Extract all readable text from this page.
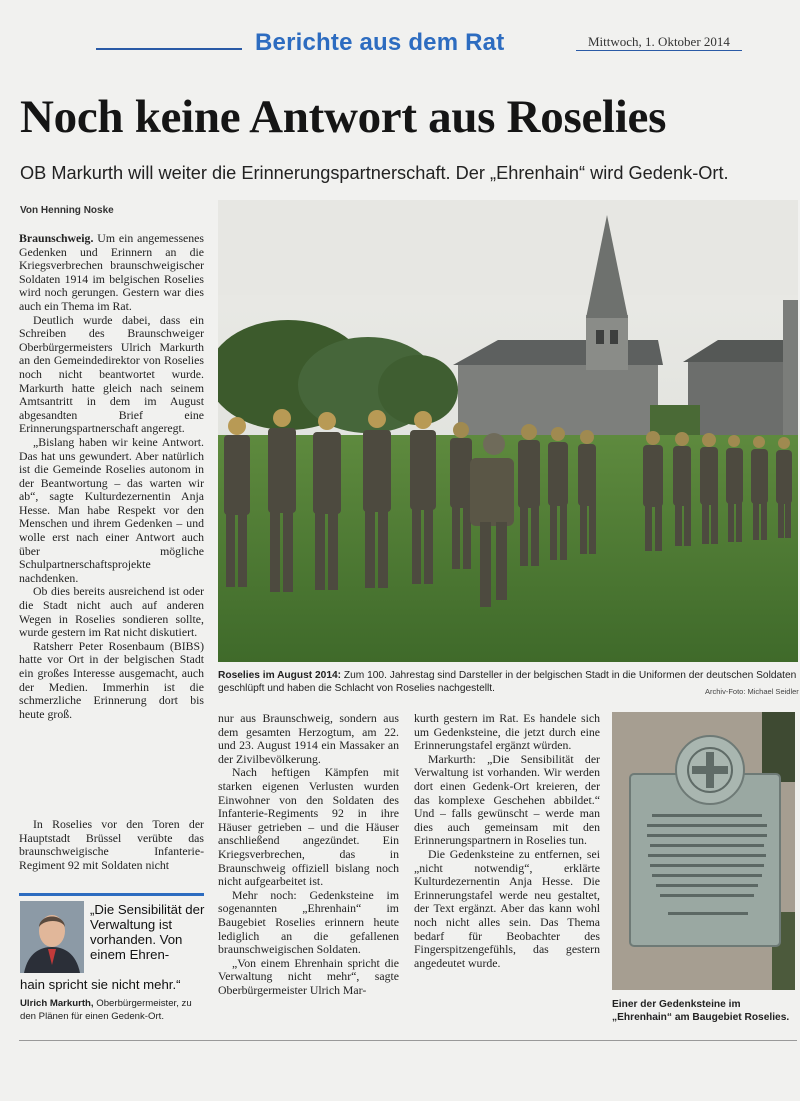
Berichte aus dem Rat	Mittwoch, 1. Oktober 2014
Noch keine Antwort aus Roselies
OB Markurth will weiter die Erinnerungspartnerschaft. Der „Ehrenhain“ wird Gedenk-Ort.
Von Henning Noske

Braunschweig. Um ein angemessenes Gedenken und Erinnern an die Kriegsverbrechen braunschweigischer Soldaten 1914 im belgischen Roselies wird noch gerungen. Gestern war dies auch ein Thema im Rat.

Deutlich wurde dabei, dass ein Schreiben des Braunschweiger Oberbürgermeisters Ulrich Markurth an den Gemeindedirektor von Roselies noch nicht beantwortet wurde. Markurth hatte gleich nach seinem Amtsantritt in dem im August abgesandten Brief eine Erinnerungspartnerschaft angeregt.

„Bislang haben wir keine Antwort. Das hat uns gewundert. Aber natürlich ist die Gemeinde Roselies autonom in der Beantwortung – das warten wir ab“, sagte Kulturdezernentin Anja Hesse. Man habe Respekt vor den Menschen und ihrem Gedenken – und wolle erst nach einer Antwort auch über mögliche Schulpartnerschaftsprojekte nachdenken.

Ob dies bereits ausreichend ist oder die Stadt nicht auch auf anderen Wegen in Roselies sondieren sollte, wurde gestern im Rat nicht diskutiert.

Ratsherr Peter Rosenbaum (BIBS) hatte vor Ort in der belgischen Stadt ein großes Interesse ausgemacht, auch der Medien. Immerhin ist die schmerzliche Erinnerung dort bis heute groß.

In Roselies vor den Toren der Hauptstadt Brüssel verübte das braunschweigische Infanterie-Regiment 92 mit Soldaten nicht

Roselies im August 2014: Zum 100. Jahrestag sind Darsteller in der belgischen Stadt in die Uniformen der deutschen Soldaten geschlüpft und haben die Schlacht von Roselies nachgestellt.	Archiv-Foto: Michael Seidler

nur aus Braunschweig, sondern aus dem gesamten Herzogtum, am 22. und 23. August 1914 ein Massaker an der Zivilbevölkerung.

Nach heftigen Kämpfen mit starken eigenen Verlusten wurden Einwohner von den Soldaten des Infanterie-Regiments 92 in ihre Häuser getrieben – und die Häuser anschließend angezündet. Ein Kriegsverbrechen, das in Braunschweig offiziell bislang noch nicht aufgearbeitet ist.

Mehr noch: Gedenksteine im sogenannten „Ehrenhain“ im Baugebiet Roselies erinnern heute lediglich an die gefallenen braunschweigischen Soldaten.

„Von einem Ehrenhain spricht die Verwaltung nicht mehr“, sagte Oberbürgermeister Ulrich Mar-

kurth gestern im Rat. Es handele sich um Gedenksteine, die jetzt durch eine Erinnerungstafel ergänzt würden.

Markurth: „Die Sensibilität der Verwaltung ist vorhanden. Wir werden dort einen Gedenk-Ort kreieren, der das komplexe Geschehen abbildet.“ Und – falls gewünscht – werde man dies auch gemeinsam mit den Erinnerungspartnern in Roselies tun.

Die Gedenksteine zu entfernen, sei „nicht notwendig“, erklärte Kulturdezernentin Anja Hesse. Die Erinnerungstafel werde neu gestaltet, der Text ergänzt. Aber das kann wohl noch nicht alles sein. Das Thema bedarf für Beobachter des Fingerspitzengefühls, das gestern angedeutet wurde.

Einer der Gedenksteine im „Ehrenhain“ am Baugebiet Roselies.
„Die Sensibilität der Verwaltung ist vorhanden. Von einem Ehren-
hain spricht sie nicht mehr.“
Ulrich Markurth, Oberbürgermeister, zu den Plänen für einen Gedenk-Ort.
